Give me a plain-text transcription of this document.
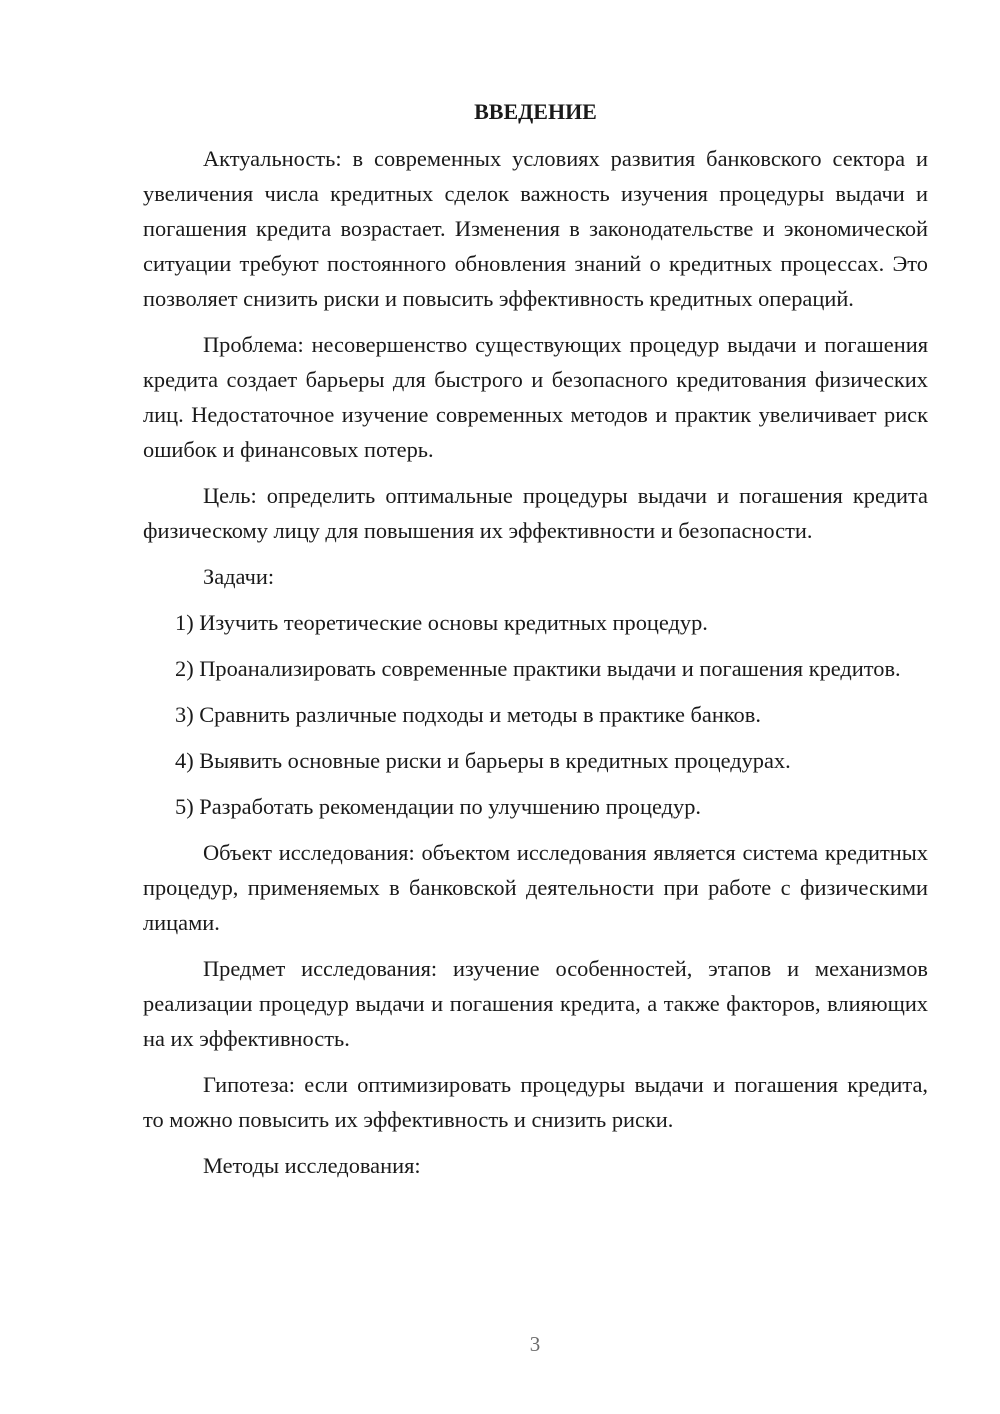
ВВЕДЕНИЕ

Актуальность: в современных условиях развития банковского сектора и увеличения числа кредитных сделок важность изучения процедуры выдачи и погашения кредита возрастает. Изменения в законодательстве и экономической ситуации требуют постоянного обновления знаний о кредитных процессах. Это позволяет снизить риски и повысить эффективность кредитных операций.

Проблема: несовершенство существующих процедур выдачи и погашения кредита создает барьеры для быстрого и безопасного кредитования физических лиц. Недостаточное изучение современных методов и практик увеличивает риск ошибок и финансовых потерь.

Цель: определить оптимальные процедуры выдачи и погашения кредита физическому лицу для повышения их эффективности и безопасности.

Задачи:

1) Изучить теоретические основы кредитных процедур.

2) Проанализировать современные практики выдачи и погашения кредитов.

3) Сравнить различные подходы и методы в практике банков.

4) Выявить основные риски и барьеры в кредитных процедурах.

5) Разработать рекомендации по улучшению процедур.

Объект исследования: объектом исследования является система кредитных процедур, применяемых в банковской деятельности при работе с физическими лицами.

Предмет исследования: изучение особенностей, этапов и механизмов реализации процедур выдачи и погашения кредита, а также факторов, влияющих на их эффективность.

Гипотеза: если оптимизировать процедуры выдачи и погашения кредита, то можно повысить их эффективность и снизить риски.

Методы исследования:

3
